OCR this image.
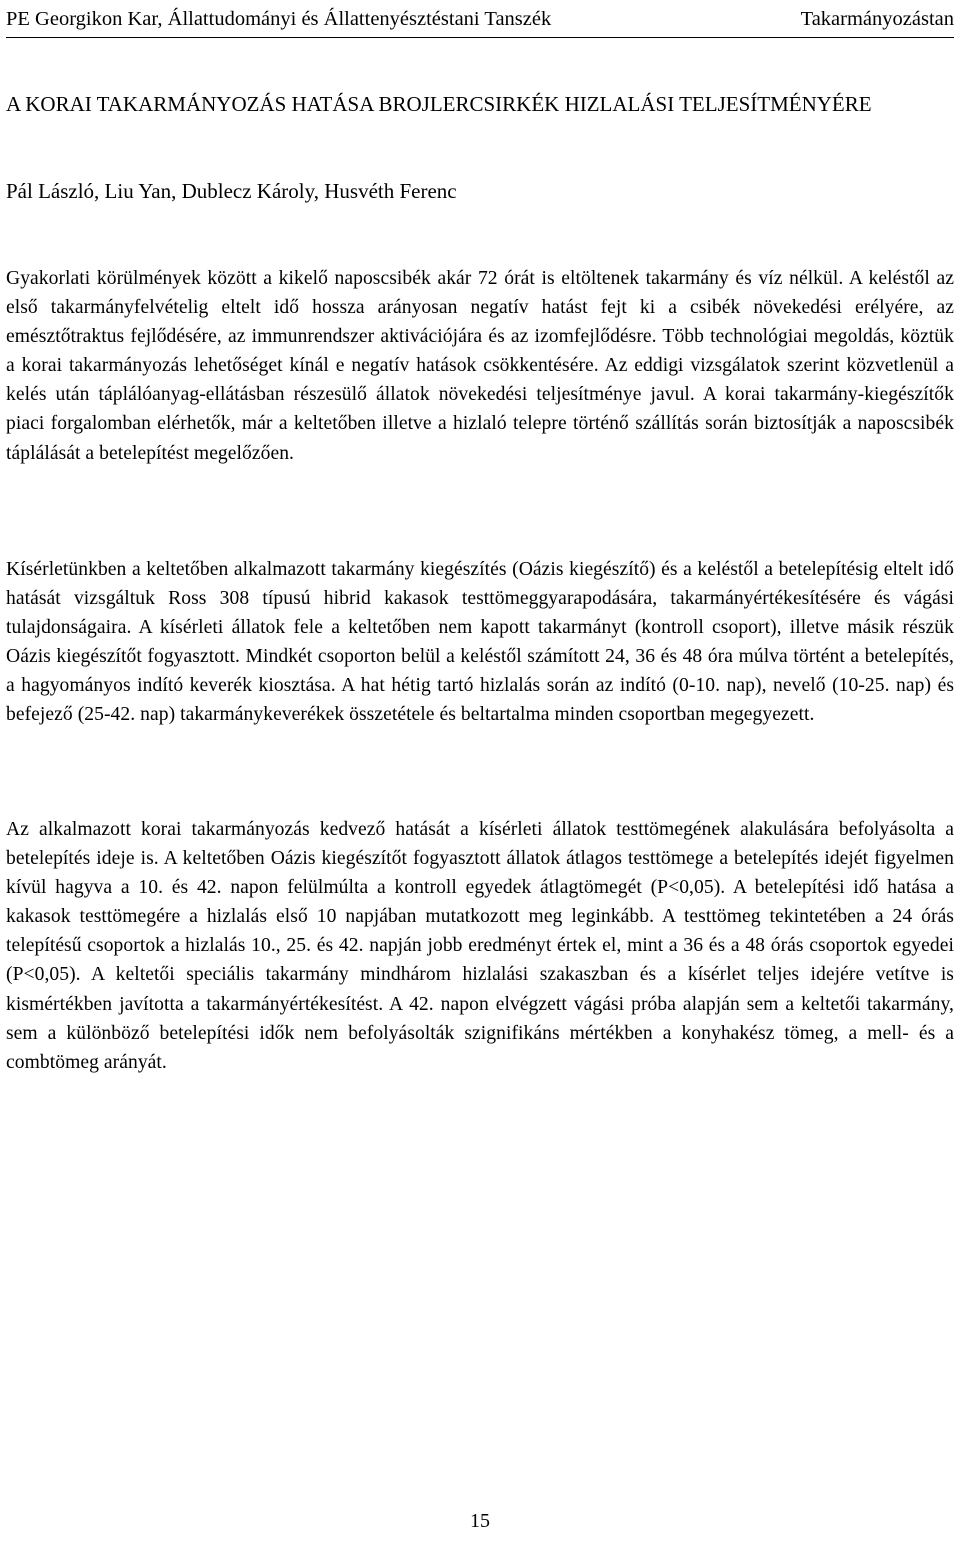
PE Georgikon Kar, Állattudományi és Állattenyésztéstani Tanszék	Takarmányozástan
A KORAI TAKARMÁNYOZÁS HATÁSA BROJLERCSIRKÉK HIZLALÁSI TELJESÍTMÉNYÉRE

Pál László, Liu Yan, Dublecz Károly, Husvéth Ferenc

Gyakorlati körülmények között a kikelő naposcsibék akár 72 órát is eltöltenek takarmány és víz nélkül. A keléstől az első takarmányfelvételig eltelt idő hossza arányosan negatív hatást fejt ki a csibék növekedési erélyére, az emésztőtraktus fejlődésére, az immunrendszer aktivációjára és az izomfejlődésre. Több technológiai megoldás, köztük a korai takarmányozás lehetőséget kínál e negatív hatások csökkentésére. Az eddigi vizsgálatok szerint közvetlenül a kelés után táplálóanyag-ellátásban részesülő állatok növekedési teljesítménye javul. A korai takarmány-kiegészítők piaci forgalomban elérhetők, már a keltetőben illetve a hizlaló telepre történő szállítás során biztosítják a naposcsibék táplálását a betelepítést megelőzően.

Kísérletünkben a keltetőben alkalmazott takarmány kiegészítés (Oázis kiegészítő) és a keléstől a betelepítésig eltelt idő hatását vizsgáltuk Ross 308 típusú hibrid kakasok testtömeggyarapodására, takarmányértékesítésére és vágási tulajdonságaira. A kísérleti állatok fele a keltetőben nem kapott takarmányt (kontroll csoport), illetve másik részük Oázis kiegészítőt fogyasztott. Mindkét csoporton belül a keléstől számított 24, 36 és 48 óra múlva történt a betelepítés, a hagyományos indító keverék kiosztása. A hat hétig tartó hizlalás során az indító (0-10. nap), nevelő (10-25. nap) és befejező (25-42. nap) takarmánykeverékek összetétele és beltartalma minden csoportban megegyezett.

Az alkalmazott korai takarmányozás kedvező hatását a kísérleti állatok testtömegének alakulására befolyásolta a betelepítés ideje is. A keltetőben Oázis kiegészítőt fogyasztott állatok átlagos testtömege a betelepítés idejét figyelmen kívül hagyva a 10. és 42. napon felülmúlta a kontroll egyedek átlagtömegét (P<0,05). A betelepítési idő hatása a kakasok testtömegére a hizlalás első 10 napjában mutatkozott meg leginkább. A testtömeg tekintetében a 24 órás telepítésű csoportok a hizlalás 10., 25. és 42. napján jobb eredményt értek el, mint a 36 és a 48 órás csoportok egyedei (P<0,05). A keltetői speciális takarmány mindhárom hizlalási szakaszban és a kísérlet teljes idejére vetítve is kismértékben javította a takarmányértékesítést. A 42. napon elvégzett vágási próba alapján sem a keltetői takarmány, sem a különböző betelepítési idők nem befolyásolták szignifikáns mértékben a konyhakész tömeg, a mell- és a combtömeg arányát.

15
